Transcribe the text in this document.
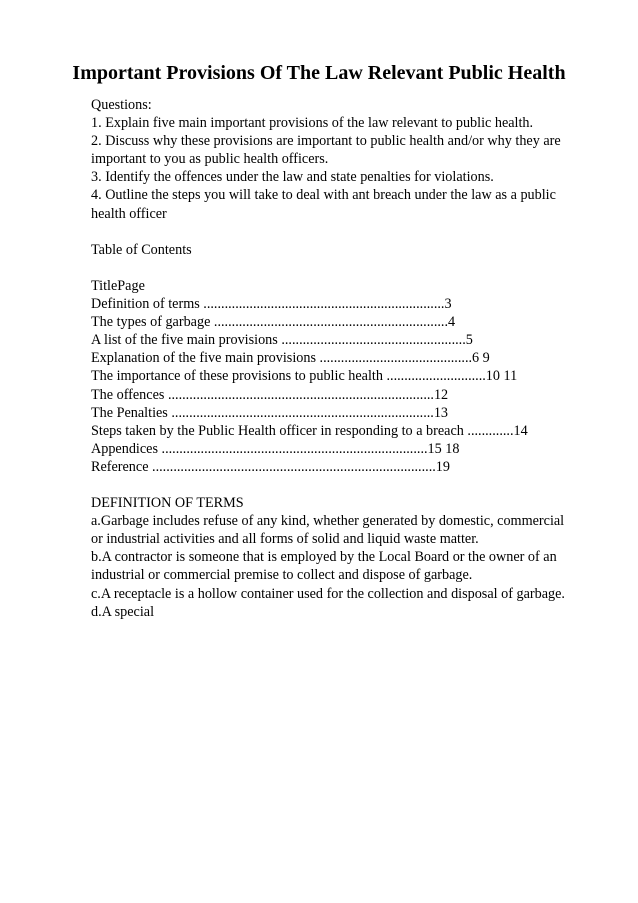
Important Provisions Of The Law Relevant Public Health
Questions:
1. Explain five main important provisions of the law relevant to public health.
2. Discuss why these provisions are important to public health and/or why they are
important to you as public health officers.
3. Identify the offences under the law and state penalties for violations.
4. Outline the steps you will take to deal with ant breach under the law as a public
health officer
Table of Contents
TitlePage
Definition of terms ....................................................................3
The types of garbage ..................................................................4
A list of the five main provisions ....................................................5
Explanation of the five main provisions ...........................................6 9
The importance of these provisions to public health ............................10 11
The offences ...........................................................................12
The Penalties ..........................................................................13
Steps taken by the Public Health officer in responding to a breach .............14
Appendices ...........................................................................15 18
Reference ................................................................................19
DEFINITION OF TERMS
a.Garbage includes refuse of any kind, whether generated by domestic, commercial
or industrial activities and all forms of solid and liquid waste matter.
b.A contractor is someone that is employed by the Local Board or the owner of an
industrial or commercial premise to collect and dispose of garbage.
c.A receptacle is a hollow container used for the collection and disposal of garbage.
d.A special
